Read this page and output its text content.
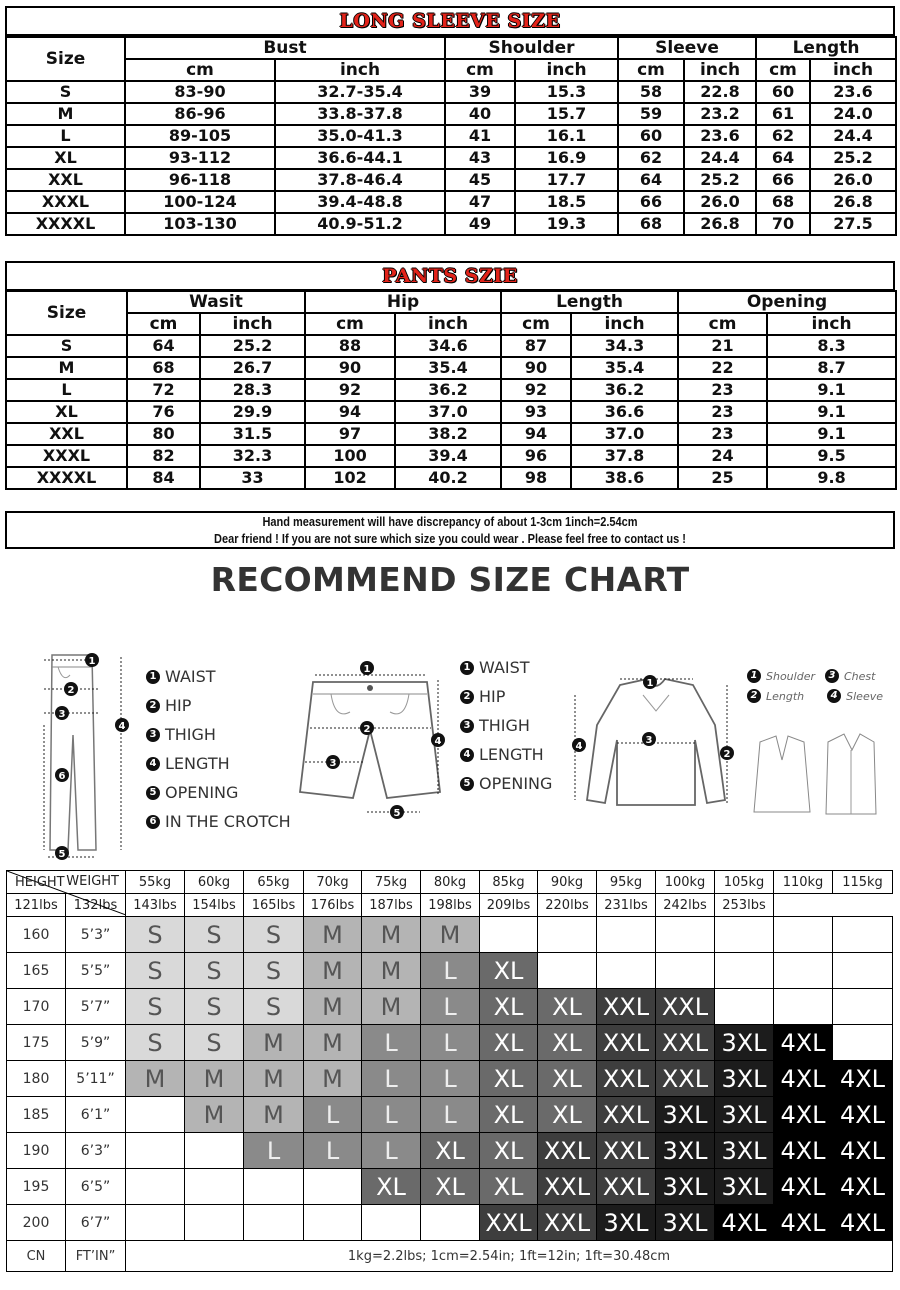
LONG SLEEVE SIZE
Size	Bust		Shoulder		Sleeve		Length	
	cm	inch	cm	inch	cm	inch	cm	inch
S	83-90	32.7-35.4	39	15.3	58	22.8	60	23.6
M	86-96	33.8-37.8	40	15.7	59	23.2	61	24.0
L	89-105	35.0-41.3	41	16.1	60	23.6	62	24.4
XL	93-112	36.6-44.1	43	16.9	62	24.4	64	25.2
XXL	96-118	37.8-46.4	45	17.7	64	25.2	66	26.0
XXXL	100-124	39.4-48.8	47	18.5	66	26.0	68	26.8
XXXXL	103-130	40.9-51.2	49	19.3	68	26.8	70	27.5
PANTS SZIE
Size	Wasit		Hip		Length		Opening	
	cm	inch	cm	inch	cm	inch	cm	inch
S	64	25.2	88	34.6	87	34.3	21	8.3
M	68	26.7	90	35.4	90	35.4	22	8.7
L	72	28.3	92	36.2	92	36.2	23	9.1
XL	76	29.9	94	37.0	93	36.6	23	9.1
XXL	80	31.5	97	38.2	94	37.0	23	9.1
XXXL	82	32.3	100	39.4	96	37.8	24	9.5
XXXXL	84	33	102	40.2	98	38.6	25	9.8
Hand measurement will have discrepancy of about 1-3cm 1inch=2.54cm
Dear friend ! If you are not sure which size you could wear . Please feel free to contact us !
RECOMMEND SIZE CHART
1
2
3
4
6
5
1 WAIST
2 HIP
3 THIGH
4 LENGTH
5 OPENING
6 IN THE CROTCH
1
2
3
4
5
1 WAIST
2 HIP
3 THIGH
4 LENGTH
5 OPENING
1
2
3
4
1 Shoulder	3 Chest
2 Length	4 Sleeve
WEIGHT
HEIGHT		55kg	60kg	65kg	70kg	75kg	80kg	85kg	90kg	95kg	100kg	105kg	110kg	115kg
121lbs	132lbs	143lbs	154lbs	165lbs	176lbs	187lbs	198lbs	209lbs	220lbs	231lbs	242lbs	253lbs		
160	5’3”	S	S	S	M	M	M							
165	5’5”	S	S	S	M	M	L	XL						
170	5’7”	S	S	S	M	M	L	XL	XL	XXL	XXL			
175	5’9”	S	S	M	M	L	L	XL	XL	XXL	XXL	3XL	4XL	
180	5’11”	M	M	M	M	L	L	XL	XL	XXL	XXL	3XL	4XL	4XL
185	6’1”		M	M	L	L	L	XL	XL	XXL	3XL	3XL	4XL	4XL
190	6’3”			L	L	L	XL	XL	XXL	XXL	3XL	3XL	4XL	4XL
195	6’5”					XL	XL	XL	XXL	XXL	3XL	3XL	4XL	4XL
200	6’7”							XXL	XXL	3XL	3XL	4XL	4XL	4XL
CN	FT’IN”	1kg=2.2lbs; 1cm=2.54in; 1ft=12in; 1ft=30.48cm												
